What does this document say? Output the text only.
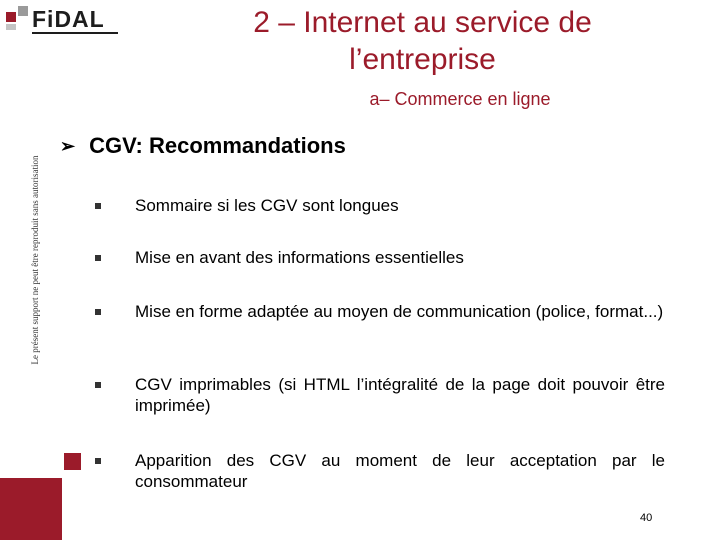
FiDAL	2 – Internet au service de l’entreprise
a– Commerce en ligne
Le présent support ne peut être reproduit sans autorisation
➢ CGV: Recommandations
Sommaire si les CGV sont longues
Mise en avant des informations essentielles
Mise en forme adaptée au moyen de communication (police, format...)
CGV imprimables (si HTML l’intégralité de la page doit pouvoir être imprimée)
Apparition des CGV au moment de leur acceptation par le consommateur
40
